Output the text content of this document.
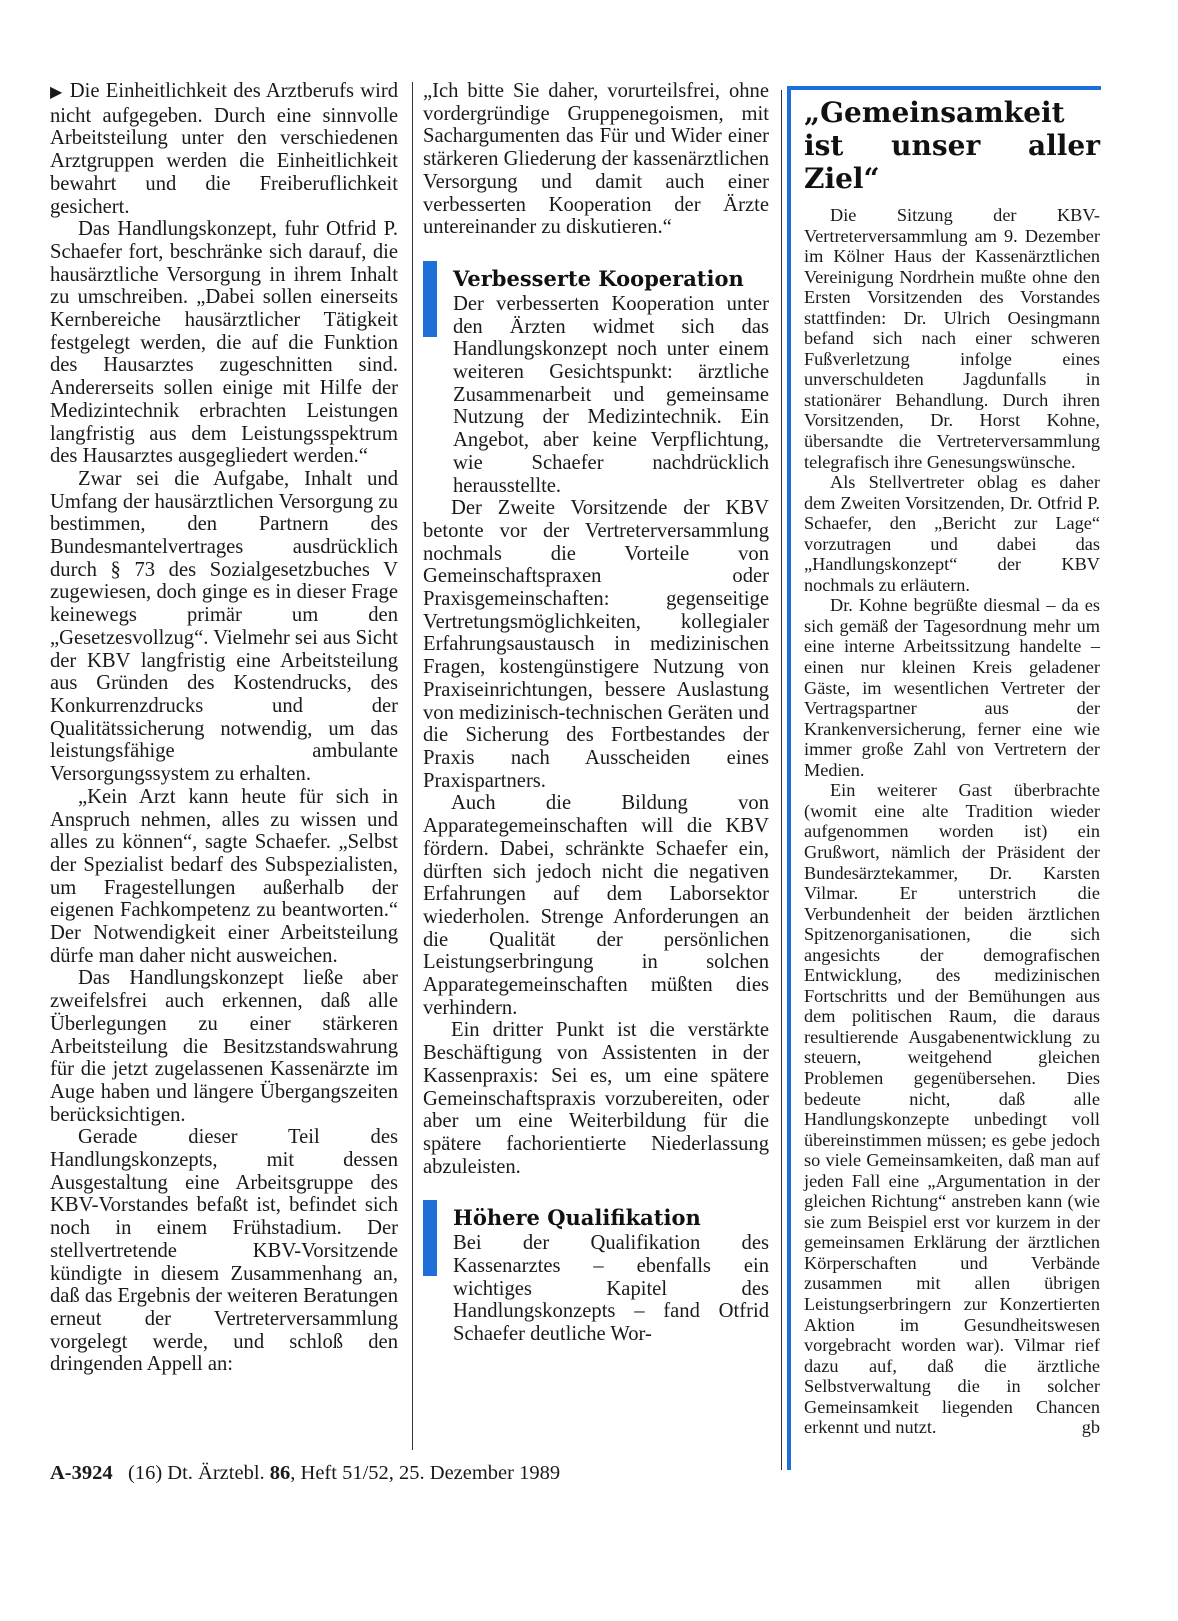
▶ Die Einheitlichkeit des Arztberufs wird nicht aufgegeben. Durch eine sinnvolle Arbeitsteilung unter den verschiedenen Arztgruppen werden die Einheitlichkeit bewahrt und die Freiberuflichkeit gesichert.

Das Handlungskonzept, fuhr Otfrid P. Schaefer fort, beschränke sich darauf, die hausärztliche Versorgung in ihrem Inhalt zu umschreiben. „Dabei sollen einerseits Kernbereiche hausärztlicher Tätigkeit festgelegt werden, die auf die Funktion des Hausarztes zugeschnitten sind. Andererseits sollen einige mit Hilfe der Medizintechnik erbrachten Leistungen langfristig aus dem Leistungsspektrum des Hausarztes ausgegliedert werden.“

Zwar sei die Aufgabe, Inhalt und Umfang der hausärztlichen Versorgung zu bestimmen, den Partnern des Bundesmantelvertrages ausdrücklich durch § 73 des Sozialgesetzbuches V zugewiesen, doch ginge es in dieser Frage keinewegs primär um den „Gesetzesvollzug“. Vielmehr sei aus Sicht der KBV langfristig eine Arbeitsteilung aus Gründen des Kostendrucks, des Konkurrenzdrucks und der Qualitätssicherung notwendig, um das leistungsfähige ambulante Versorgungssystem zu erhalten.

„Kein Arzt kann heute für sich in Anspruch nehmen, alles zu wissen und alles zu können“, sagte Schaefer. „Selbst der Spezialist bedarf des Subspezialisten, um Fragestellungen außerhalb der eigenen Fachkompetenz zu beantworten.“ Der Notwendigkeit einer Arbeitsteilung dürfe man daher nicht ausweichen.

Das Handlungskonzept ließe aber zweifelsfrei auch erkennen, daß alle Überlegungen zu einer stärkeren Arbeitsteilung die Besitzstandswahrung für die jetzt zugelassenen Kassenärzte im Auge haben und längere Übergangszeiten berücksichtigen.

Gerade dieser Teil des Handlungskonzepts, mit dessen Ausgestaltung eine Arbeitsgruppe des KBV-Vorstandes befaßt ist, befindet sich noch in einem Frühstadium. Der stellvertretende KBV-Vorsitzende kündigte in diesem Zusammenhang an, daß das Ergebnis der weiteren Beratungen erneut der Vertreterversammlung vorgelegt werde, und schloß den dringenden Appell an:

„Ich bitte Sie daher, vorurteilsfrei, ohne vordergründige Gruppenegoismen, mit Sachargumenten das Für und Wider einer stärkeren Gliederung der kassenärztlichen Versorgung und damit auch einer verbesserten Kooperation der Ärzte untereinander zu diskutieren.“

Verbesserte Kooperation

Der verbesserten Kooperation unter den Ärzten widmet sich das Handlungskonzept noch unter einem weiteren Gesichtspunkt: ärztliche Zusammenarbeit und gemeinsame Nutzung der Medizintechnik. Ein Angebot, aber keine Verpflichtung, wie Schaefer nachdrücklich herausstellte.

Der Zweite Vorsitzende der KBV betonte vor der Vertreterversammlung nochmals die Vorteile von Gemeinschaftspraxen oder Praxisgemeinschaften: gegenseitige Vertretungsmöglichkeiten, kollegialer Erfahrungsaustausch in medizinischen Fragen, kostengünstigere Nutzung von Praxiseinrichtungen, bessere Auslastung von medizinisch-technischen Geräten und die Sicherung des Fortbestandes der Praxis nach Ausscheiden eines Praxispartners.

Auch die Bildung von Apparategemeinschaften will die KBV fördern. Dabei, schränkte Schaefer ein, dürften sich jedoch nicht die negativen Erfahrungen auf dem Laborsektor wiederholen. Strenge Anforderungen an die Qualität der persönlichen Leistungserbringung in solchen Apparategemeinschaften müßten dies verhindern.

Ein dritter Punkt ist die verstärkte Beschäftigung von Assistenten in der Kassenpraxis: Sei es, um eine spätere Gemeinschaftspraxis vorzubereiten, oder aber um eine Weiterbildung für die spätere fachorientierte Niederlassung abzuleisten.

Höhere Qualifikation

Bei der Qualifikation des Kassenarztes – ebenfalls ein wichtiges Kapitel des Handlungskonzepts – fand Otfrid Schaefer deutliche Wor-

„Gemeinsamkeit ist unser aller Ziel“

Die Sitzung der KBV-Vertreterversammlung am 9. Dezember im Kölner Haus der Kassenärztlichen Vereinigung Nordrhein mußte ohne den Ersten Vorsitzenden des Vorstandes stattfinden: Dr. Ulrich Oesingmann befand sich nach einer schweren Fußverletzung infolge eines unverschuldeten Jagdunfalls in stationärer Behandlung. Durch ihren Vorsitzenden, Dr. Horst Kohne, übersandte die Vertreterversammlung telegrafisch ihre Genesungswünsche.

Als Stellvertreter oblag es daher dem Zweiten Vorsitzenden, Dr. Otfrid P. Schaefer, den „Bericht zur Lage“ vorzutragen und dabei das „Handlungskonzept“ der KBV nochmals zu erläutern.

Dr. Kohne begrüßte diesmal – da es sich gemäß der Tagesordnung mehr um eine interne Arbeitssitzung handelte – einen nur kleinen Kreis geladener Gäste, im wesentlichen Vertreter der Vertragspartner aus der Krankenversicherung, ferner eine wie immer große Zahl von Vertretern der Medien.

Ein weiterer Gast überbrachte (womit eine alte Tradition wieder aufgenommen worden ist) ein Grußwort, nämlich der Präsident der Bundesärztekammer, Dr. Karsten Vilmar. Er unterstrich die Verbundenheit der beiden ärztlichen Spitzenorganisationen, die sich angesichts der demografischen Entwicklung, des medizinischen Fortschritts und der Bemühungen aus dem politischen Raum, die daraus resultierende Ausgabenentwicklung zu steuern, weitgehend gleichen Problemen gegenübersehen. Dies bedeute nicht, daß alle Handlungskonzepte unbedingt voll übereinstimmen müssen; es gebe jedoch so viele Gemeinsamkeiten, daß man auf jeden Fall eine „Argumentation in der gleichen Richtung“ anstreben kann (wie sie zum Beispiel erst vor kurzem in der gemeinsamen Erklärung der ärztlichen Körperschaften und Verbände zusammen mit allen übrigen Leistungserbringern zur Konzertierten Aktion im Gesundheitswesen vorgebracht worden war). Vilmar rief dazu auf, daß die ärztliche Selbstverwaltung die in solcher Gemeinsamkeit liegenden Chancen erkennt und nutzt.	gb

A-3924 (16) Dt. Ärztebl. 86, Heft 51/52, 25. Dezember 1989
